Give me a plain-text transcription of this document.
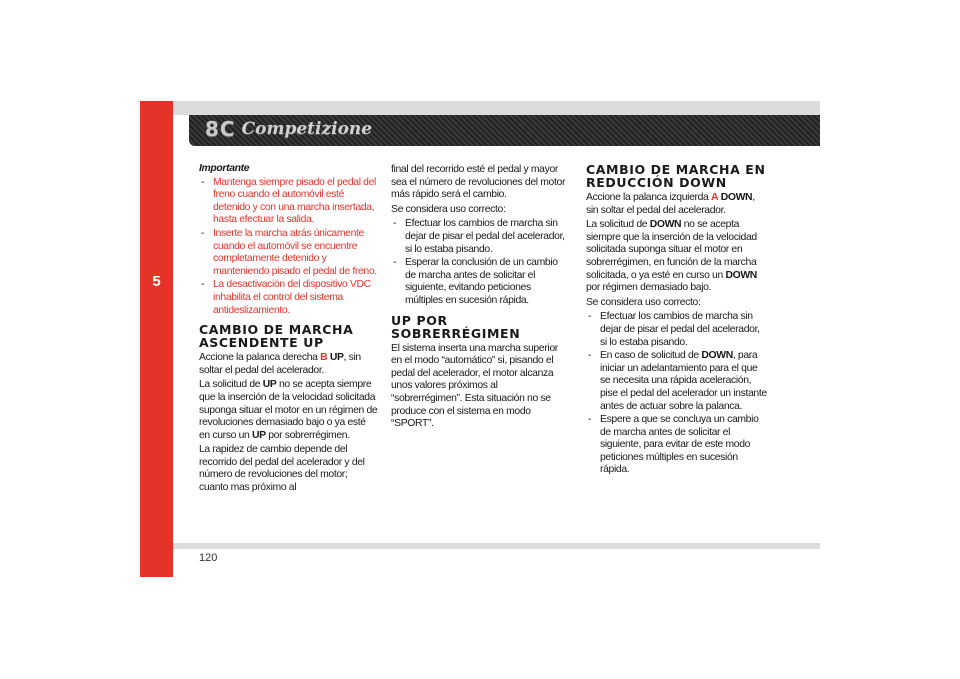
5
8C Competizione

Importante

- Mantenga siempre pisado el pedal del freno cuando el automóvil esté detenido y con una marcha insertada, hasta efectuar la salida.
- Inserte la marcha atrás únicamente cuando el automóvil se encuentre completamente detenido y manteniendo pisado el pedal de freno.
- La desactivación del dispositivo VDC inhabilita el control del sistema antideslizamiento.
CAMBIO DE MARCHA ASCENDENTE UP

Accione la palanca derecha B UP, sin soltar el pedal del acelerador.

La solicitud de UP no se acepta siempre que la inserción de la velocidad solicitada suponga situar el motor en un régimen de revoluciones demasiado bajo o ya esté en curso un UP por sobrerrégimen.

La rapidez de cambio depende del recorrido del pedal del acelerador y del número de revoluciones del motor; cuanto mas próximo al

final del recorrido esté el pedal y mayor sea el número de revoluciones del motor más rápido será el cambio.

Se considera uso correcto:

- Efectuar los cambios de marcha sin dejar de pisar el pedal del acelerador, si lo estaba pisando.
- Esperar la conclusión de un cambio de marcha antes de solicitar el siguiente, evitando peticiones múltiples en sucesión rápida.
UP POR SOBRERRÉGIMEN

El sistema inserta una marcha superior en el modo “automático” si, pisando el pedal del acelerador, el motor alcanza unos valores próximos al “sobrerrégimen”. Esta situación no se produce con el sistema en modo “SPORT”.

CAMBIO DE MARCHA EN REDUCCIÓN DOWN

Accione la palanca izquierda A DOWN, sin soltar el pedal del acelerador.

La solicitud de DOWN no se acepta siempre que la inserción de la velocidad solicitada suponga situar el motor en sobrerrégimen, en función de la marcha solicitada, o ya esté en curso un DOWN por régimen demasiado bajo.

Se considera uso correcto:

- Efectuar los cambios de marcha sin dejar de pisar el pedal del acelerador, si lo estaba pisando.
- En caso de solicitud de DOWN, para iniciar un adelantamiento para el que se necesita una rápida aceleración, pise el pedal del acelerador un instante antes de actuar sobre la palanca.
- Espere a que se concluya un cambio de marcha antes de solicitar el siguiente, para evitar de este modo peticiones múltiples en sucesión rápida.
120
